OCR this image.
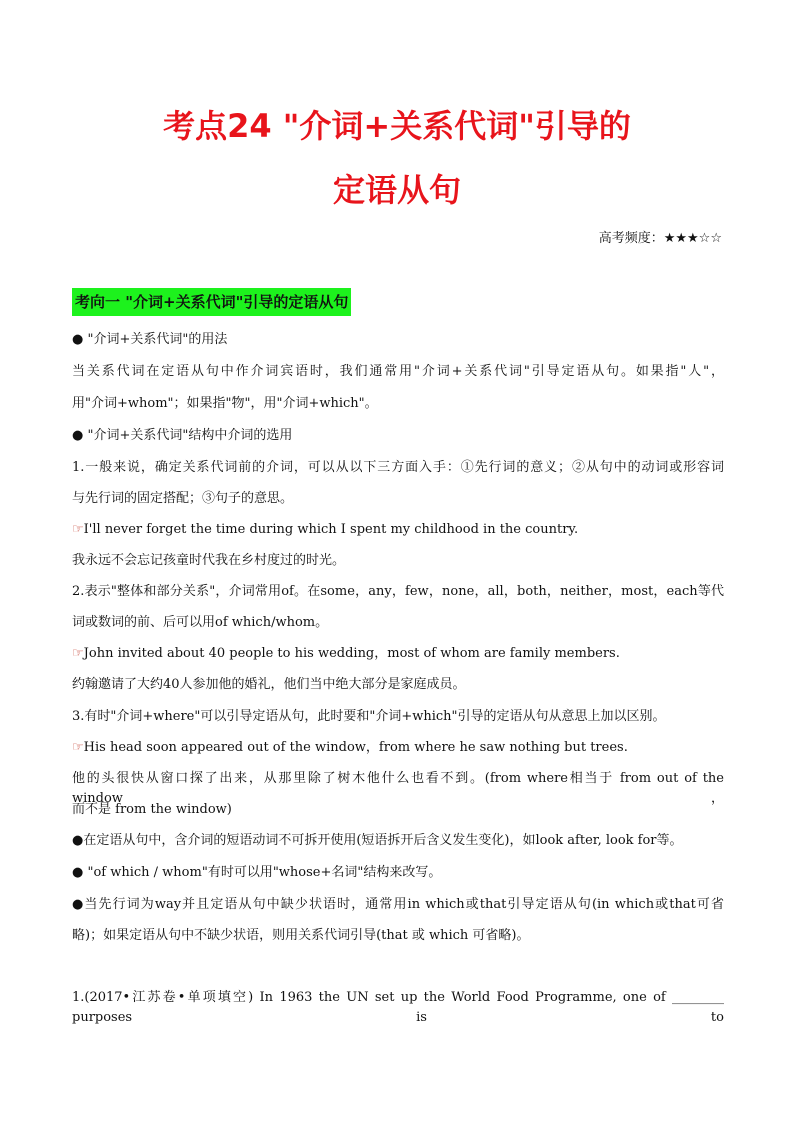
考点24 "介词+关系代词"引导的
定语从句
高考频度：★★★☆☆
考向一 "介词+关系代词"引导的定语从句
● "介词+关系代词"的用法
当关系代词在定语从句中作介词宾语时，我们通常用"介词+关系代词"引导定语从句。如果指"人"，
用"介词+whom"；如果指"物"，用"介词+which"。
● "介词+关系代词"结构中介词的选用
1.一般来说，确定关系代词前的介词，可以从以下三方面入手：①先行词的意义；②从句中的动词或形容词
与先行词的固定搭配；③句子的意思。
☞I'll never forget the time during which I spent my childhood in the country.
我永远不会忘记孩童时代我在乡村度过的时光。
2.表示"整体和部分关系"，介词常用of。在some，any，few，none，all，both，neither，most，each等代
词或数词的前、后可以用of which/whom。
☞John invited about 40 people to his wedding，most of whom are family members.
约翰邀请了大约40人参加他的婚礼，他们当中绝大部分是家庭成员。
3.有时"介词+where"可以引导定语从句，此时要和"介词+which"引导的定语从句从意思上加以区别。
☞His head soon appeared out of the window，from where he saw nothing but trees.
他的头很快从窗口探了出来，从那里除了树木他什么也看不到。(from where相当于 from out of the window，
而不是 from the window)
●在定语从句中，含介词的短语动词不可拆开使用(短语拆开后含义发生变化)，如look after, look for等。
● "of which / whom"有时可以用"whose+名词"结构来改写。
●当先行词为way并且定语从句中缺少状语时，通常用in which或that引导定语从句(in which或that可省
略)；如果定语从句中不缺少状语，则用关系代词引导(that 或 which 可省略)。
1.(2017•江苏卷•单项填空) In 1963 the UN set up the World Food Programme, one of ________ purposes is to
